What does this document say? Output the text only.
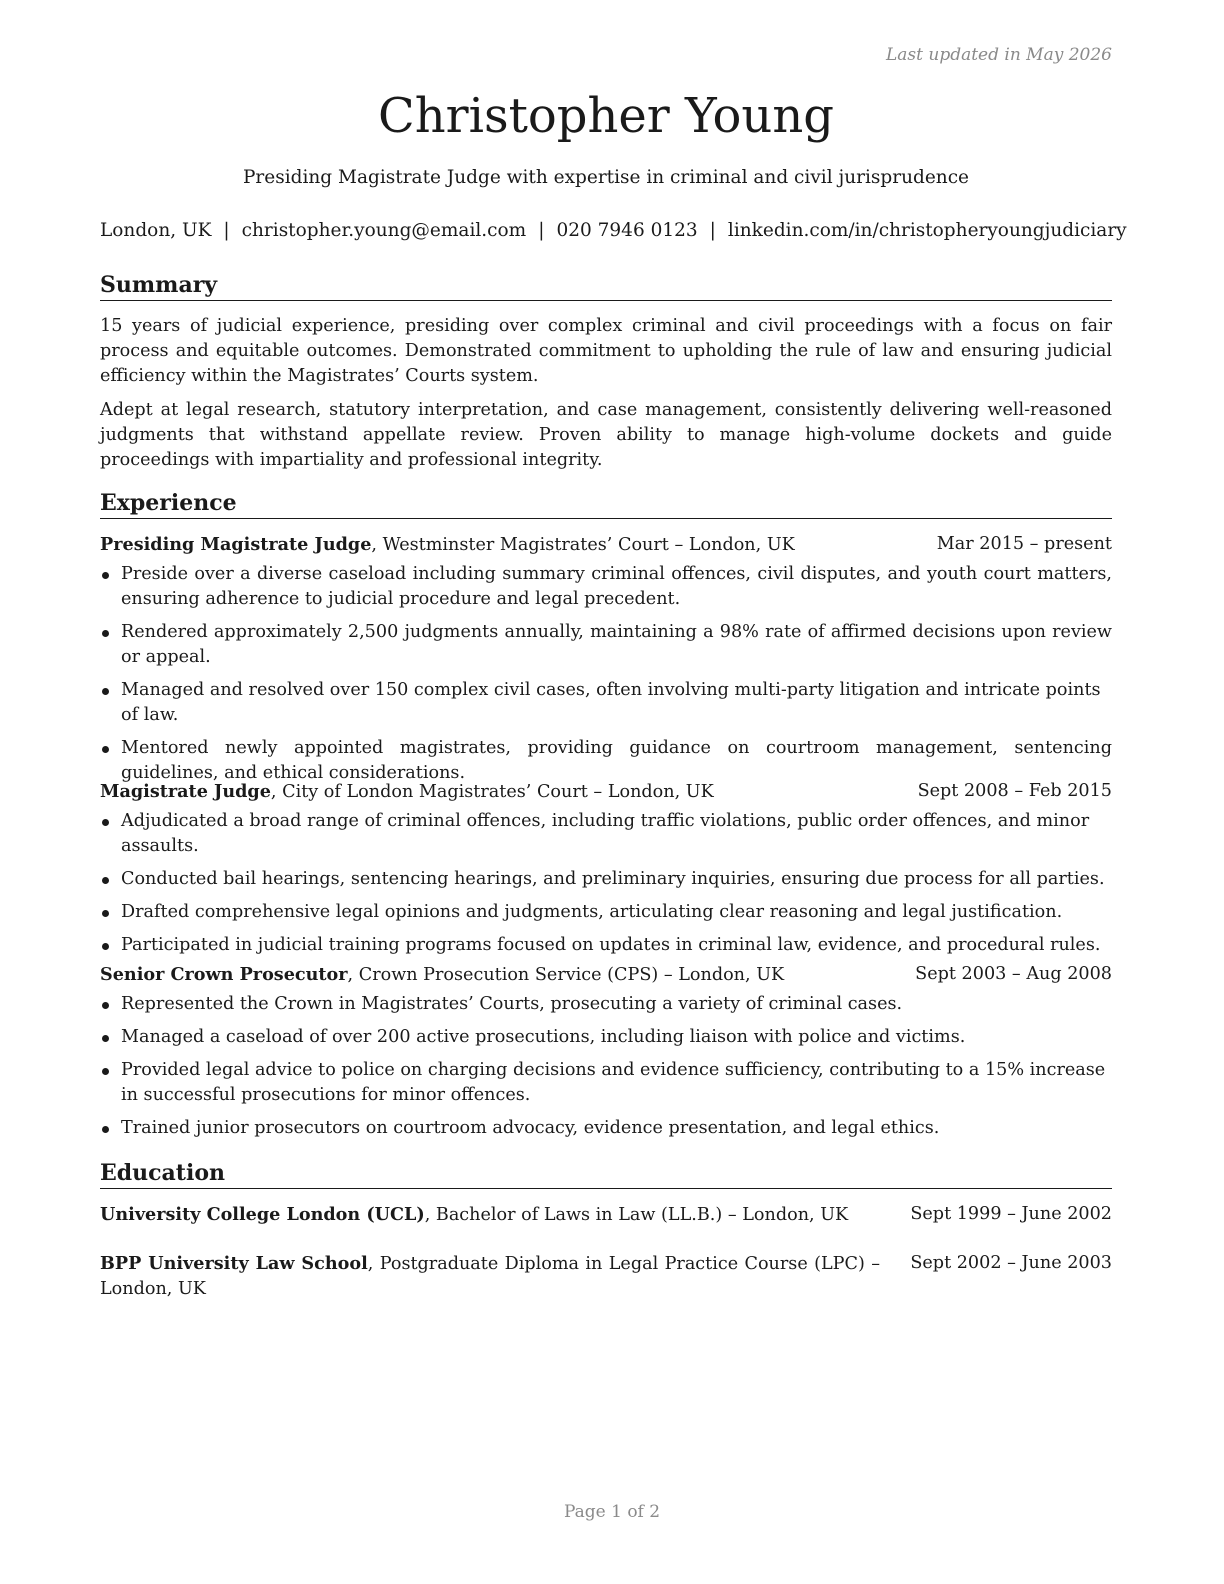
Last updated in May 2026
Christopher Young
Presiding Magistrate Judge with expertise in criminal and civil jurisprudence
London, UK | christopher.young@email.com | 020 7946 0123 | linkedin.com/in/christopheryoungjudiciary
Summary

15 years of judicial experience, presiding over complex criminal and civil proceedings with a focus on fair process and equitable outcomes. Demonstrated commitment to upholding the rule of law and ensuring judicial efficiency within the Magistrates’ Courts system.

Adept at legal research, statutory interpretation, and case management, consistently delivering well-reasoned judgments that withstand appellate review. Proven ability to manage high-volume dockets and guide proceedings with impartiality and professional integrity.

Experience
Presiding Magistrate Judge, Westminster Magistrates’ Court – London, UK	Mar 2015 – present
Preside over a diverse caseload including summary criminal offences, civil disputes, and youth court matters, ensuring adherence to judicial procedure and legal precedent.
Rendered approximately 2,500 judgments annually, maintaining a 98% rate of affirmed decisions upon review or appeal.
Managed and resolved over 150 complex civil cases, often involving multi-party litigation and intricate points of law.
Mentored newly appointed magistrates, providing guidance on courtroom management, sentencing guidelines, and ethical considerations.
Magistrate Judge, City of London Magistrates’ Court – London, UK	Sept 2008 – Feb 2015
Adjudicated a broad range of criminal offences, including traffic violations, public order offences, and minor assaults.
Conducted bail hearings, sentencing hearings, and preliminary inquiries, ensuring due process for all parties.
Drafted comprehensive legal opinions and judgments, articulating clear reasoning and legal justification.
Participated in judicial training programs focused on updates in criminal law, evidence, and procedural rules.
Senior Crown Prosecutor, Crown Prosecution Service (CPS) – London, UK	Sept 2003 – Aug 2008
Represented the Crown in Magistrates’ Courts, prosecuting a variety of criminal cases.
Managed a caseload of over 200 active prosecutions, including liaison with police and victims.
Provided legal advice to police on charging decisions and evidence sufficiency, contributing to a 15% increase in successful prosecutions for minor offences.
Trained junior prosecutors on courtroom advocacy, evidence presentation, and legal ethics.
Education
University College London (UCL), Bachelor of Laws in Law (LL.B.) – London, UK	Sept 1999 – June 2002
BPP University Law School, Postgraduate Diploma in Legal Practice Course (LPC) – London, UK
Sept 2002 – June 2003
Page 1 of 2
